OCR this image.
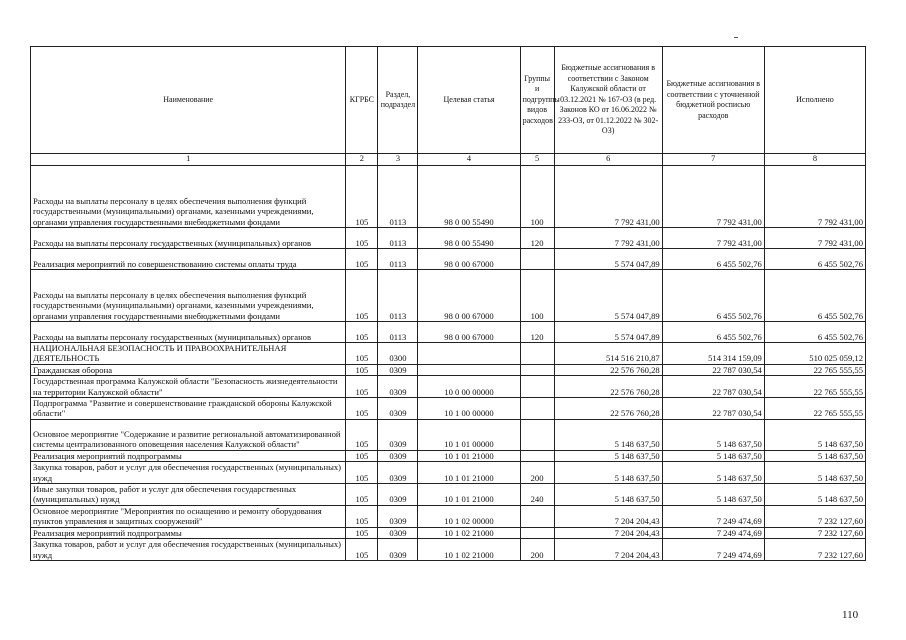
Наименование	КГРБС	Раздел, подраздел	Целевая статья	Группы и подгруппы видов расходов	Бюджетные ассигнования в соответствии с Законом Калужской области от 03.12.2021 № 167-ОЗ (в ред. Законов КО от 16.06.2022 № 233-ОЗ, от 01.12.2022 № 302-ОЗ)	Бюджетные ассигнования в соответствии с уточненной бюджетной росписью расходов	Исполнено
1	2	3	4	5	6	7	8
Расходы на выплаты персоналу в целях обеспечения выполнения функций государственными (муниципальными) органами, казенными учреждениями, органами управления государственными внебюджетными фондами	105	0113	98 0 00 55490	100	7 792 431,00	7 792 431,00	7 792 431,00
Расходы на выплаты персоналу государственных (муниципальных) органов	105	0113	98 0 00 55490	120	7 792 431,00	7 792 431,00	7 792 431,00
Реализация мероприятий по совершенствованию системы оплаты труда	105	0113	98 0 00 67000		5 574 047,89	6 455 502,76	6 455 502,76
Расходы на выплаты персоналу в целях обеспечения выполнения функций государственными (муниципальными) органами, казенными учреждениями, органами управления государственными внебюджетными фондами	105	0113	98 0 00 67000	100	5 574 047,89	6 455 502,76	6 455 502,76
Расходы на выплаты персоналу государственных (муниципальных) органов	105	0113	98 0 00 67000	120	5 574 047,89	6 455 502,76	6 455 502,76
НАЦИОНАЛЬНАЯ БЕЗОПАСНОСТЬ И ПРАВООХРАНИТЕЛЬНАЯ ДЕЯТЕЛЬНОСТЬ	105	0300			514 516 210,87	514 314 159,09	510 025 059,12
Гражданская оборона	105	0309			22 576 760,28	22 787 030,54	22 765 555,55
Государственная программа Калужской области "Безопасность жизнедеятельности на территории Калужской области"	105	0309	10 0 00 00000		22 576 760,28	22 787 030,54	22 765 555,55
Подпрограмма "Развитие и совершенствование гражданской обороны Калужской области"	105	0309	10 1 00 00000		22 576 760,28	22 787 030,54	22 765 555,55
Основное мероприятие "Содержание и развитие региональной автоматизированной системы централизованного оповещения населения Калужской области"	105	0309	10 1 01 00000		5 148 637,50	5 148 637,50	5 148 637,50
Реализация мероприятий подпрограммы	105	0309	10 1 01 21000		5 148 637,50	5 148 637,50	5 148 637,50
Закупка товаров, работ и услуг для обеспечения государственных (муниципальных) нужд	105	0309	10 1 01 21000	200	5 148 637,50	5 148 637,50	5 148 637,50
Иные закупки товаров, работ и услуг для обеспечения государственных (муниципальных) нужд	105	0309	10 1 01 21000	240	5 148 637,50	5 148 637,50	5 148 637,50
Основное мероприятие "Мероприятия по оснащению и ремонту оборудования пунктов управления и защитных сооружений"	105	0309	10 1 02 00000		7 204 204,43	7 249 474,69	7 232 127,60
Реализация мероприятий подпрограммы	105	0309	10 1 02 21000		7 204 204,43	7 249 474,69	7 232 127,60
Закупка товаров, работ и услуг для обеспечения государственных (муниципальных) нужд	105	0309	10 1 02 21000	200	7 204 204,43	7 249 474,69	7 232 127,60
110
